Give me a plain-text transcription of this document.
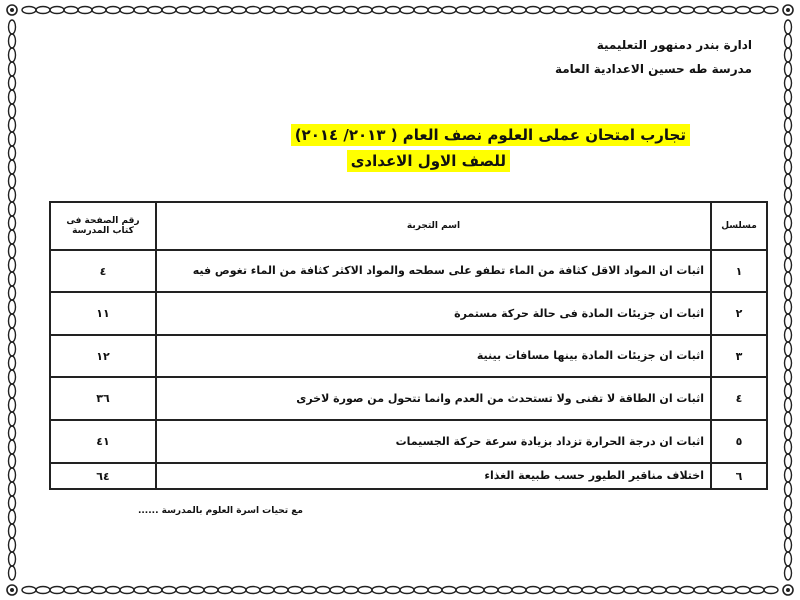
ادارة بندر دمنهور التعليمية
مدرسة طه حسين الاعدادية العامة
تجارب امتحان عملى العلوم نصف العام ( ٢٠١٣/ ٢٠١٤)
للصف الاول الاعدادى
مسلسل	اسم التجربة	رقم الصفحة فى كتاب المدرسة
١	اثبات ان المواد الاقل كثافة من الماء تطفو على سطحه والمواد الاكثر كثافة من الماء تغوص فيه	٤
٢	اثبات ان جزيئات المادة فى حالة حركة مستمرة	١١
٣	اثبات ان جزيئات المادة بينها مسافات بينية	١٢
٤	اثبات ان الطاقة لا تفنى ولا تستحدث من العدم وانما تتحول من صورة لاخرى	٣٦
٥	اثبات ان درجة الحرارة تزداد بزيادة سرعة حركة الجسيمات	٤١
٦	اختلاف مناقير الطيور حسب طبيعة الغذاء	٦٤
مع تحيات اسرة العلوم بالمدرسة ......
